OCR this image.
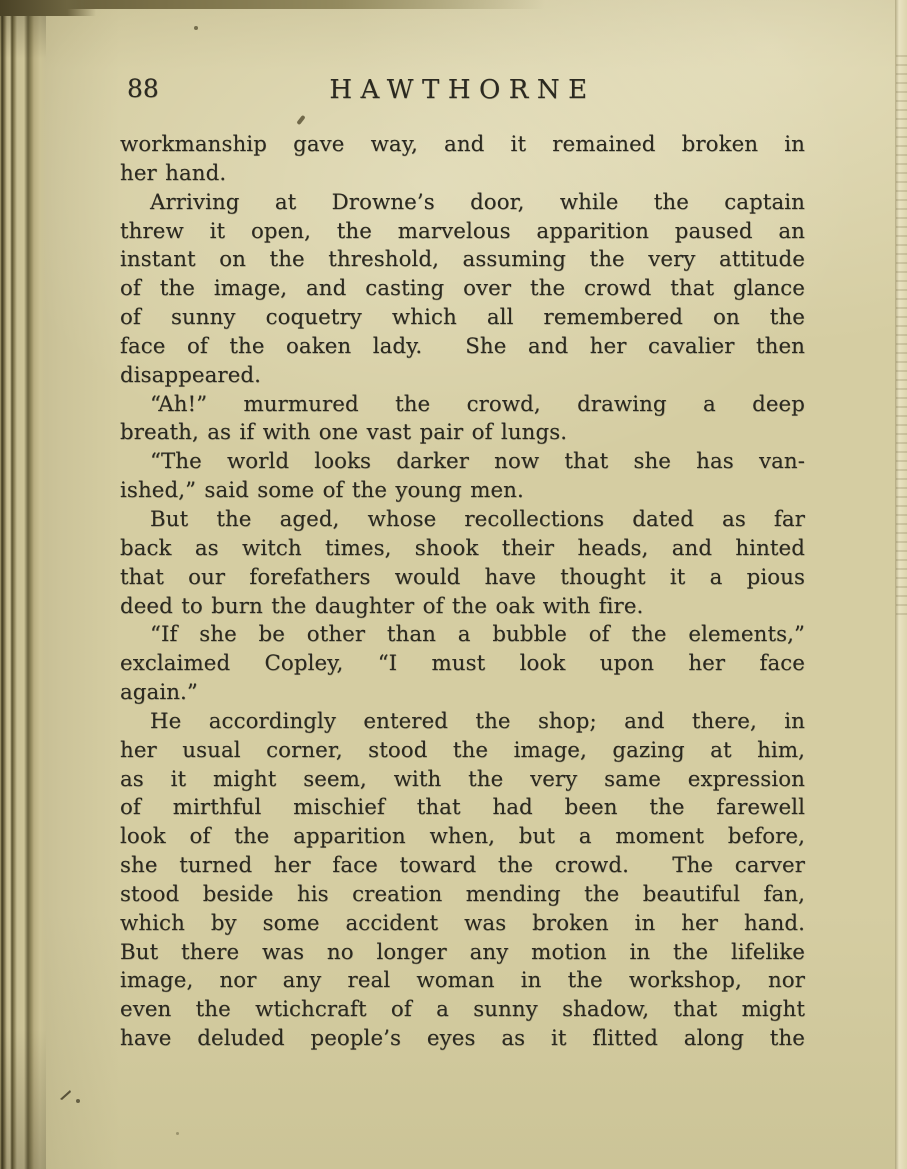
88	HAWTHORNE
workmanship gave way, and it remained broken in
her hand.
Arriving at Drowne’s door, while the captain
threw it open, the marvelous apparition paused an
instant on the threshold, assuming the very attitude
of the image, and casting over the crowd that glance
of sunny coquetry which all remembered on the
face of the oaken lady.  She and her cavalier then
disappeared.
“Ah!” murmured the crowd, drawing a deep
breath, as if with one vast pair of lungs.
“The world looks darker now that she has van-
ished,” said some of the young men.
But the aged, whose recollections dated as far
back as witch times, shook their heads, and hinted
that our forefathers would have thought it a pious
deed to burn the daughter of the oak with fire.
“If she be other than a bubble of the elements,”
exclaimed Copley, “I must look upon her face
again.”
He accordingly entered the shop; and there, in
her usual corner, stood the image, gazing at him,
as it might seem, with the very same expression
of mirthful mischief that had been the farewell
look of the apparition when, but a moment before,
she turned her face toward the crowd.  The carver
stood beside his creation mending the beautiful fan,
which by some accident was broken in her hand.
But there was no longer any motion in the lifelike
image, nor any real woman in the workshop, nor
even the wtichcraft of a sunny shadow, that might
have deluded people’s eyes as it flitted along the
